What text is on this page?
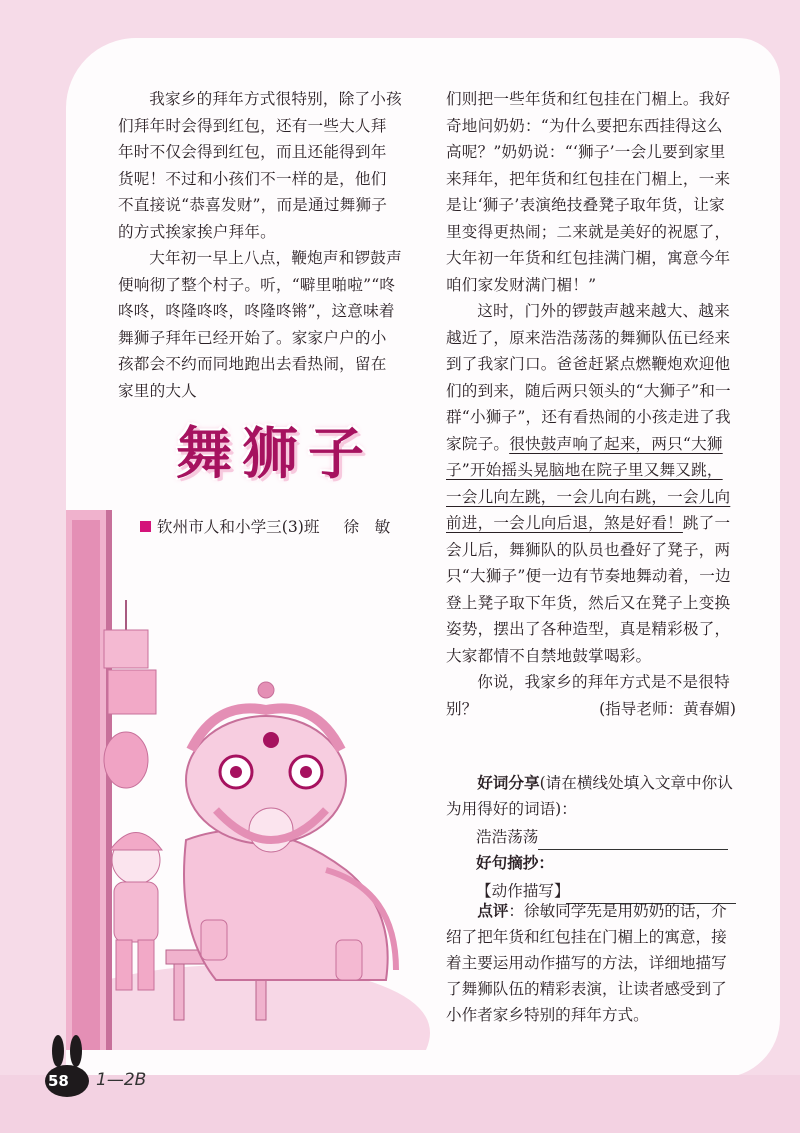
我家乡的拜年方式很特别，除了小孩们拜年时会得到红包，还有一些大人拜年时不仅会得到红包，而且还能得到年货呢！不过和小孩们不一样的是，他们不直接说“恭喜发财”，而是通过舞狮子的方式挨家挨户拜年。

大年初一早上八点，鞭炮声和锣鼓声便响彻了整个村子。听，“噼里啪啦”“咚咚咚，咚隆咚咚，咚隆咚锵”，这意味着舞狮子拜年已经开始了。家家户户的小孩都会不约而同地跑出去看热闹，留在家里的大人

舞狮子
钦州市人和小学三(3)班 徐　敏

们则把一些年货和红包挂在门楣上。我好奇地问奶奶：“为什么要把东西挂得这么高呢？”奶奶说：“‘狮子’一会儿要到家里来拜年，把年货和红包挂在门楣上，一来是让‘狮子’表演绝技叠凳子取年货，让家里变得更热闹；二来就是美好的祝愿了，大年初一年货和红包挂满门楣，寓意今年咱们家发财满门楣！”

这时，门外的锣鼓声越来越大、越来越近了，原来浩浩荡荡的舞狮队伍已经来到了我家门口。爸爸赶紧点燃鞭炮欢迎他们的到来，随后两只领头的“大狮子”和一群“小狮子”，还有看热闹的小孩走进了我家院子。很快鼓声响了起来，两只“大狮子”开始摇头晃脑地在院子里又舞又跳，一会儿向左跳，一会儿向右跳，一会儿向前进，一会儿向后退，煞是好看！跳了一会儿后，舞狮队的队员也叠好了凳子，两只“大狮子”便一边有节奏地舞动着，一边登上凳子取下年货，然后又在凳子上变换姿势，摆出了各种造型，真是精彩极了，大家都情不自禁地鼓掌喝彩。

你说，我家乡的拜年方式是不是很特别？	(指导老师：黄春媚)
好词分享(请在横线处填入文章中你认为用得好的词语)：
浩浩荡荡
好句摘抄：
【动作描写】
点评：徐敏同学先是用奶奶的话，介绍了把年货和红包挂在门楣上的寓意，接着主要运用动作描写的方法，详细地描写了舞狮队伍的精彩表演，让读者感受到了小作者家乡特别的拜年方式。
58 1—2B
